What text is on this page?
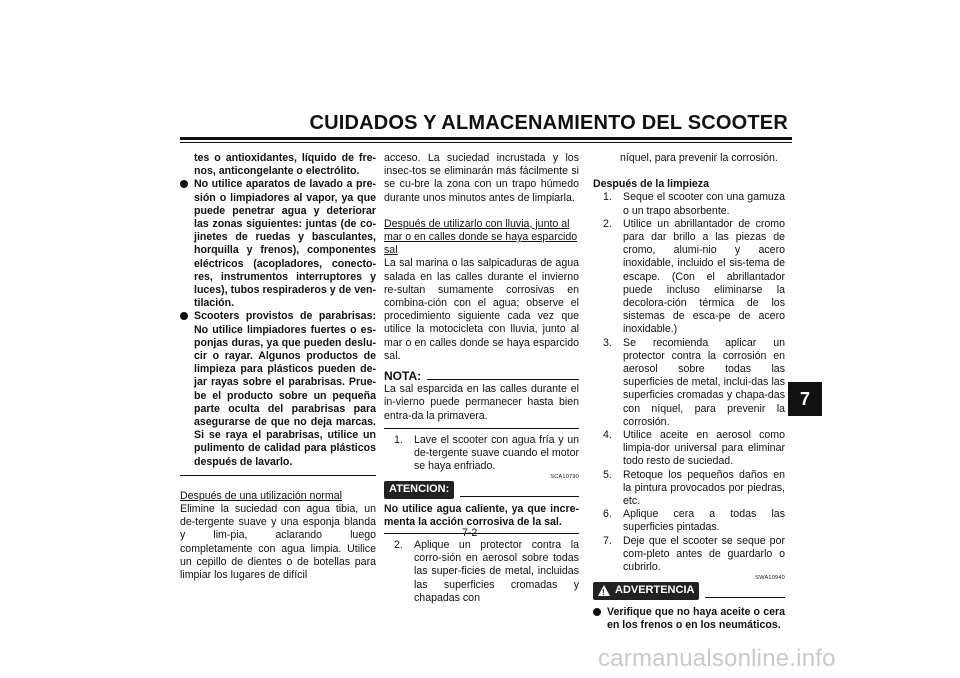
CUIDADOS Y ALMACENAMIENTO DEL SCOOTER
7

tes o antioxidantes, líquido de fre-nos, anticongelante o electrólito.

No utilice aparatos de lavado a pre-sión o limpiadores al vapor, ya que puede penetrar agua y deteriorar las zonas siguientes: juntas (de co-jinetes de ruedas y basculantes, horquilla y frenos), componentes eléctricos (acopladores, conecto-res, instrumentos interruptores y luces), tubos respiraderos y de ven-tilación.
Scooters provistos de parabrisas: No utilice limpiadores fuertes o es-ponjas duras, ya que pueden deslu-cir o rayar. Algunos productos de limpieza para plásticos pueden de-jar rayas sobre el parabrisas. Prue-be el producto sobre un pequeña parte oculta del parabrisas para asegurarse de que no deja marcas. Si se raya el parabrisas, utilice un pulimento de calidad para plásticos después de lavarlo.

Después de una utilización normal

Elimine la suciedad con agua tibia, un de-tergente suave y una esponja blanda y lim-pia, aclarando luego completamente con agua limpia. Utilice un cepillo de dientes o de botellas para limpiar los lugares de difícil

acceso. La suciedad incrustada y los insec-tos se eliminarán más fácilmente si se cu-bre la zona con un trapo húmedo durante unos minutos antes de limpiarla.

Después de utilizarlo con lluvia, junto al mar o en calles donde se haya esparcido sal

La sal marina o las salpicaduras de agua salada en las calles durante el invierno re-sultan sumamente corrosivas en combina-ción con el agua; observe el procedimiento siguiente cada vez que utilice la motocicleta con lluvia, junto al mar o en calles donde se haya esparcido sal.

NOTA:

La sal esparcida en las calles durante el in-vierno puede permanecer hasta bien entra-da la primavera.

1. Lave el scooter con agua fría y un de-tergente suave cuando el motor se haya enfriado.
SCA10790
ATENCION:

No utilice agua caliente, ya que incre-menta la acción corrosiva de la sal.

2. Aplique un protector contra la corro-sión en aerosol sobre todas las super-ficies de metal, incluidas las superficies cromadas y chapadas con

níquel, para prevenir la corrosión.

Después de la limpieza

1. Seque el scooter con una gamuza o un trapo absorbente.
2. Utilice un abrillantador de cromo para dar brillo a las piezas de cromo, alumi-nio y acero inoxidable, incluido el sis-tema de escape. (Con el abrillantador puede incluso eliminarse la decolora-ción térmica de los sistemas de esca-pe de acero inoxidable.)
3. Se recomienda aplicar un protector contra la corrosión en aerosol sobre todas las superficies de metal, inclui-das las superficies cromadas y chapa-das con níquel, para prevenir la corrosión.
4. Utilice aceite en aerosol como limpia-dor universal para eliminar todo resto de suciedad.
5. Retoque los pequeños daños en la pintura provocados por piedras, etc.
6. Aplique cera a todas las superficies pintadas.
7. Deje que el scooter se seque por com-pleto antes de guardarlo o cubrirlo.
SWA10940
! ADVERTENCIA
Verifique que no haya aceite o cera en los frenos o en los neumáticos.
7-2
carmanualsonline.info
